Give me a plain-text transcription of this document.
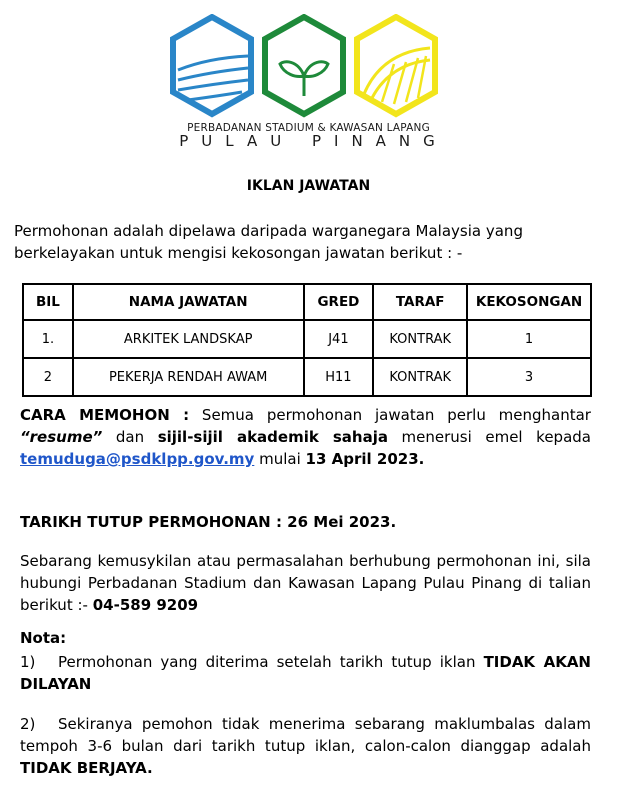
PERBADANAN STADIUM & KAWASAN LAPANG
PULAU PINANG
IKLAN JAWATAN
Permohonan adalah dipelawa daripada warganegara Malaysia yang berkelayakan untuk mengisi kekosongan jawatan berikut : -
BIL	NAMA JAWATAN	GRED	TARAF	KEKOSONGAN
1.	ARKITEK LANDSKAP	J41	KONTRAK	1
2	PEKERJA RENDAH AWAM	H11	KONTRAK	3
CARA MEMOHON : Semua permohonan jawatan perlu menghantar “resume” dan sijil-sijil akademik sahaja menerusi emel kepada temuduga@psdklpp.gov.my mulai 13 April 2023.
TARIKH TUTUP PERMOHONAN : 26 Mei 2023.
Sebarang kemusykilan atau permasalahan berhubung permohonan ini, sila hubungi Perbadanan Stadium dan Kawasan Lapang Pulau Pinang di talian berikut :- 04-589 9209
Nota:
1) Permohonan yang diterima setelah tarikh tutup iklan TIDAK AKAN DILAYAN
2) Sekiranya pemohon tidak menerima sebarang maklumbalas dalam tempoh 3-6 bulan dari tarikh tutup iklan, calon-calon dianggap adalah TIDAK BERJAYA.
